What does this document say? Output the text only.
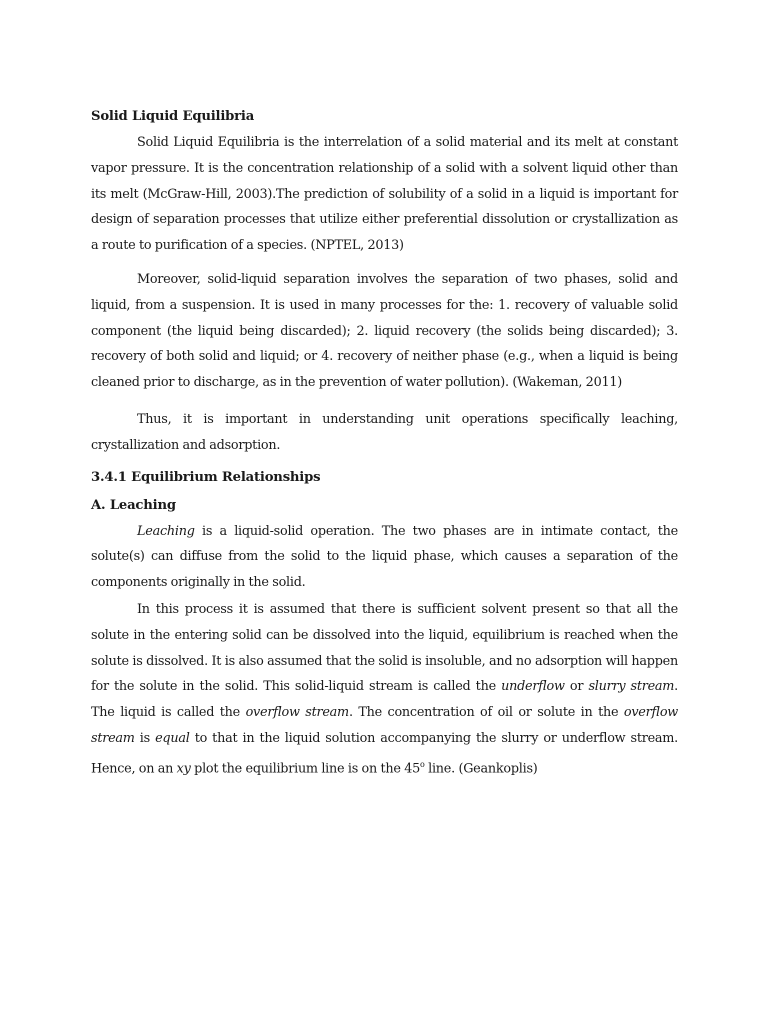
Solid Liquid Equilibria

Solid Liquid Equilibria is the interrelation of a solid material and its melt at constant vapor pressure. It is the concentration relationship of a solid with a solvent liquid other than its melt (McGraw-Hill, 2003).The prediction of solubility of a solid in a liquid is important for design of separation processes that utilize either preferential dissolution or crystallization as a route to purification of a species. (NPTEL, 2013)

Moreover, solid-liquid separation involves the separation of two phases, solid and liquid, from a suspension. It is used in many processes for the: 1. recovery of valuable solid component (the liquid being discarded); 2. liquid recovery (the solids being discarded); 3. recovery of both solid and liquid; or 4. recovery of neither phase (e.g., when a liquid is being cleaned prior to discharge, as in the prevention of water pollution). (Wakeman, 2011)

Thus, it is important in understanding unit operations specifically leaching, crystallization and adsorption.

3.4.1 Equilibrium Relationships

A. Leaching

Leaching is a liquid-solid operation. The two phases are in intimate contact, the solute(s) can diffuse from the solid to the liquid phase, which causes a separation of the components originally in the solid.

In this process it is assumed that there is sufficient solvent present so that all the solute in the entering solid can be dissolved into the liquid, equilibrium is reached when the solute is dissolved. It is also assumed that the solid is insoluble, and no adsorption will happen for the solute in the solid. This solid-liquid stream is called the underflow or slurry stream. The liquid is called the overflow stream. The concentration of oil or solute in the overflow stream is equal to that in the liquid solution accompanying the slurry or underflow stream. Hence, on an xy plot the equilibrium line is on the 45$^o$ line. (Geankoplis)
